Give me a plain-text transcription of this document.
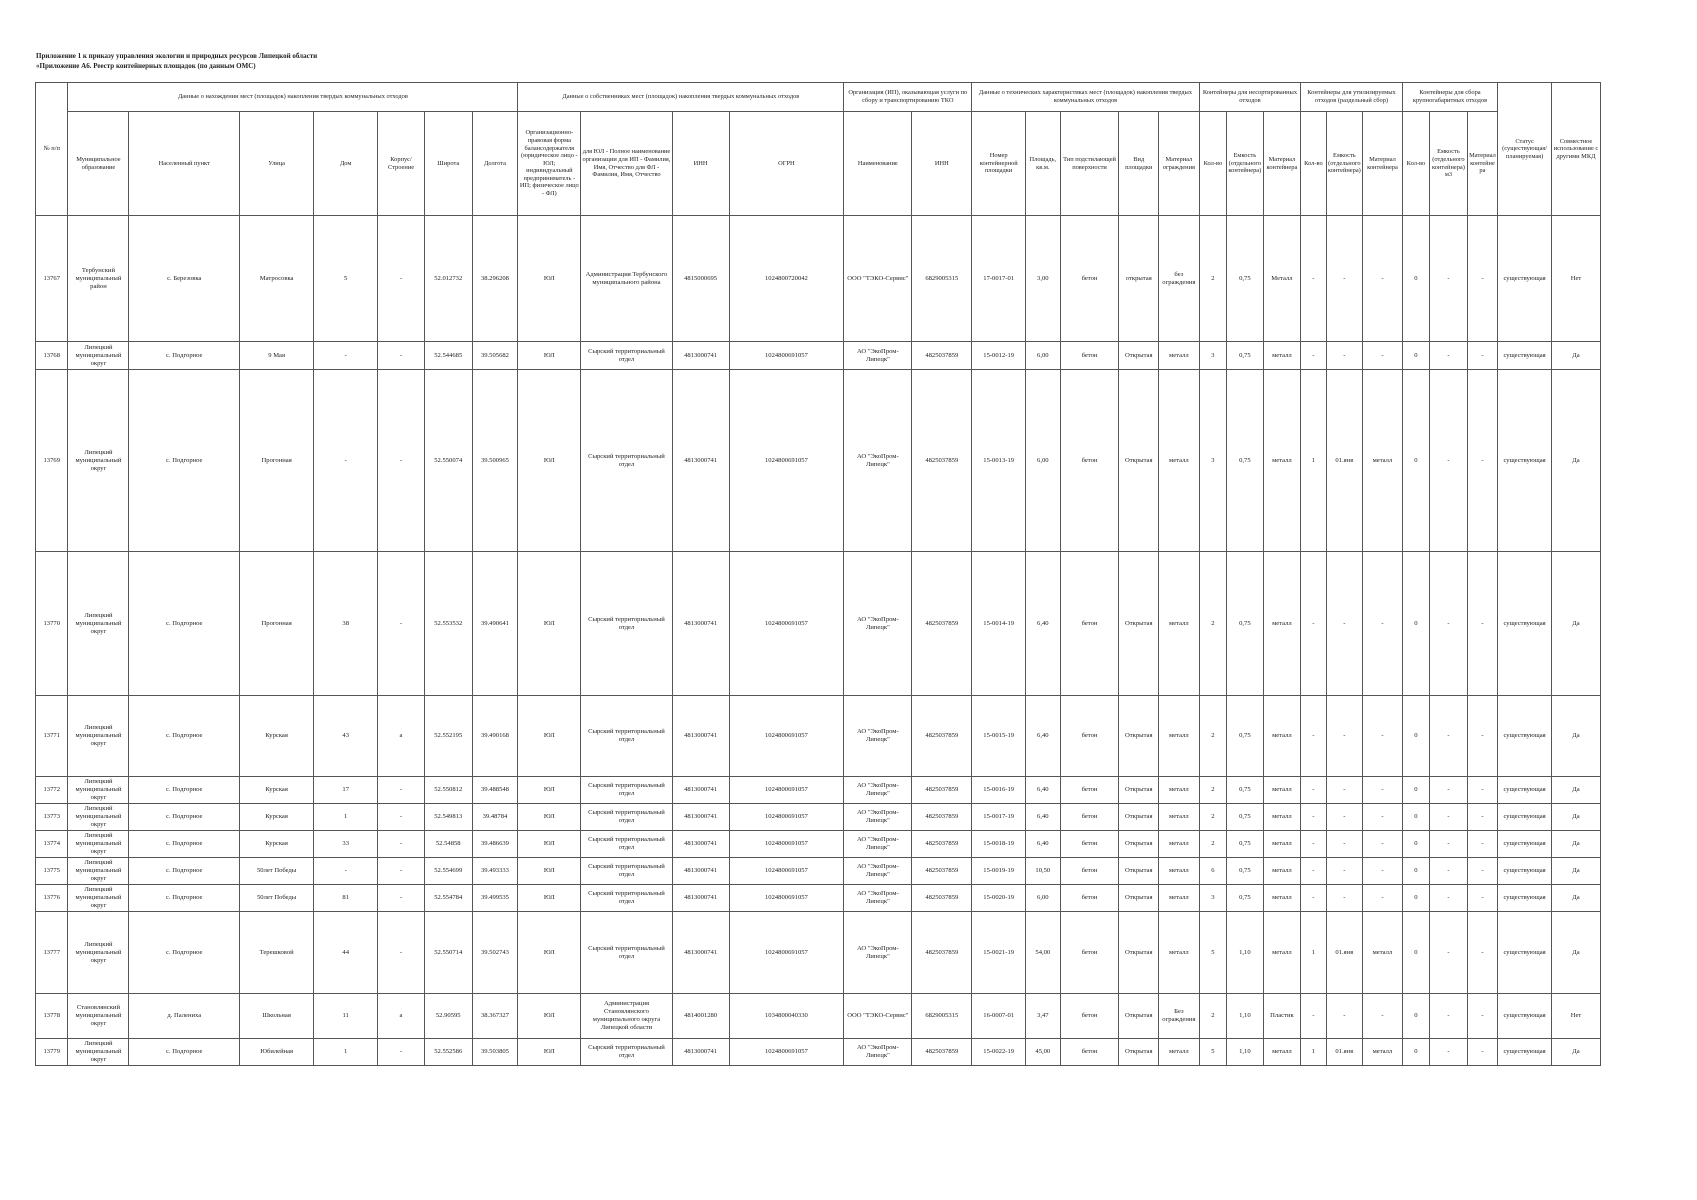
Приложение 1 к приказу управления экологии и природных ресурсов Липецкой области
«Приложение А6. Реестр контейнерных площадок (по данным ОМС)
№ п/п	Данные о нахождении мест (площадок) накопления твердых коммунальных отходов							Данные о собственниках мест (площадок) накопления твердых коммунальных отходов				Организация (ИП), оказывающая услуги по сбору и транспортированию ТКО		Данные о технических характеристиках мест (площадок) накопления твердых коммунальных отходов					Контейнеры для несортированных отходов			Контейнеры для утилизируемых отходов (раздельный сбор)			Контейнеры для сбора крупногабаритных отходов			Статус (существующая/ планируемая)	Совместное использование с другими МКД
	Муниципальное образование	Населенный пункт	Улица	Дом	Корпус/Строение	Широта	Долгота	Организационно-правовая форма балансодержателя (юридическое лицо - ЮЛ; индивидуальный предприниматель - ИП; физическое лицо - ФЛ)	для ЮЛ - Полное наименование организации для ИП - Фамилия, Имя, Отчество для ФЛ - Фамилия, Имя, Отчество	ИНН	ОГРН	Наименование	ИНН	Номер контейнерной площадки	Площадь, кв.м.	Тип подстилающей поверхности	Вид площадки	Материал ограждения	Кол-во	Емкость (отдельного контейнера)	Материал контейнера	Кол-во	Емкость (отдельного контейнера)	Материал контейнера	Кол-во	Емкость (отдельного контейнера) м3	Материал контейнера		
13767	Тербунский муниципальный район	с. Березовка	Матросовка	5	-	52.012732	38.296208	ЮЛ	Администрация Тербунского муниципального района	4815000695	1024800720042	ООО "ТЭКО-Сервис"	6829005315	17-0017-01	3,00	бетон	открытая	без ограждения	2	0,75	Металл	-	-	-	0	-	-	существующая	Нет
13768	Липецкий муниципальный округ	с. Подгорное	9 Мая	-	-	52.544685	39.505682	ЮЛ	Сырский территориальный отдел	4813000741	1024800691057	АО "ЭкоПром-Липецк"	4825037859	15-0012-19	6,00	бетон	Открытая	металл	3	0,75	металл	-	-	-	0	-	-	существующая	Да
13769	Липецкий муниципальный округ	с. Подгорное	Прогонная	-	-	52.550074	39.500965	ЮЛ	Сырский территориальный отдел	4813000741	1024800691057	АО "ЭкоПром-Липецк"	4825037859	15-0013-19	6,00	бетон	Открытая	металл	3	0,75	металл	1	01.янв	металл	0	-	-	существующая	Да
13770	Липецкий муниципальный округ	с. Подгорное	Прогонная	38	-	52.553532	39.490641	ЮЛ	Сырский территориальный отдел	4813000741	1024800691057	АО "ЭкоПром-Липецк"	4825037859	15-0014-19	6,40	бетон	Открытая	металл	2	0,75	металл	-	-	-	0	-	-	существующая	Да
13771	Липецкий муниципальный округ	с. Подгорное	Курская	43	а	52.552195	39.490168	ЮЛ	Сырский территориальный отдел	4813000741	1024800691057	АО "ЭкоПром-Липецк"	4825037859	15-0015-19	6,40	бетон	Открытая	металл	2	0,75	металл	-	-	-	0	-	-	существующая	Да
13772	Липецкий муниципальный округ	с. Подгорное	Курская	17	-	52.550812	39.488548	ЮЛ	Сырский территориальный отдел	4813000741	1024800691057	АО "ЭкоПром-Липецк"	4825037859	15-0016-19	6,40	бетон	Открытая	металл	2	0,75	металл	-	-	-	0	-	-	существующая	Да
13773	Липецкий муниципальный округ	с. Подгорное	Курская	1	-	52.549813	39.48784	ЮЛ	Сырский территориальный отдел	4813000741	1024800691057	АО "ЭкоПром-Липецк"	4825037859	15-0017-19	6,40	бетон	Открытая	металл	2	0,75	металл	-	-	-	0	-	-	существующая	Да
13774	Липецкий муниципальный округ	с. Подгорное	Курская	33	-	52.54858	39.486639	ЮЛ	Сырский территориальный отдел	4813000741	1024800691057	АО "ЭкоПром-Липецк"	4825037859	15-0018-19	6,40	бетон	Открытая	металл	2	0,75	металл	-	-	-	0	-	-	существующая	Да
13775	Липецкий муниципальный округ	с. Подгорное	50лет Победы	-	-	52.554699	39.493333	ЮЛ	Сырский территориальный отдел	4813000741	1024800691057	АО "ЭкоПром-Липецк"	4825037859	15-0019-19	10,50	бетон	Открытая	металл	6	0,75	металл	-	-	-	0	-	-	существующая	Да
13776	Липецкий муниципальный округ	с. Подгорное	50лет Победы	81	-	52.554784	39.499535	ЮЛ	Сырский территориальный отдел	4813000741	1024800691057	АО "ЭкоПром-Липецк"	4825037859	15-0020-19	6,00	бетон	Открытая	металл	3	0,75	металл	-	-	-	0	-	-	существующая	Да
13777	Липецкий муниципальный округ	с. Подгорное	Терешковой	44	-	52.550714	39.502743	ЮЛ	Сырский территориальный отдел	4813000741	1024800691057	АО "ЭкоПром-Липецк"	4825037859	15-0021-19	54,00	бетон	Открытая	металл	5	1,10	металл	1	01.янв	металл	0	-	-	существующая	Да
13778	Становлянский муниципальный округ	д. Палениха	Школьная	11	а	52.90595	38.367327	ЮЛ	Администрация Становлянского муниципального округа Липецкой области	4814001280	1034800040330	ООО "ТЭКО-Сервис"	6829005315	16-0007-01	3,47	бетон	Открытая	Без ограждения	2	1,10	Пластик	-	-	-	0	-	-	существующая	Нет
13779	Липецкий муниципальный округ	с. Подгорное	Юбилейная	1	-	52.552586	39.503805	ЮЛ	Сырский территориальный отдел	4813000741	1024800691057	АО "ЭкоПром-Липецк"	4825037859	15-0022-19	45,00	бетон	Открытая	металл	5	1,10	металл	1	01.янв	металл	0	-	-	существующая	Да
